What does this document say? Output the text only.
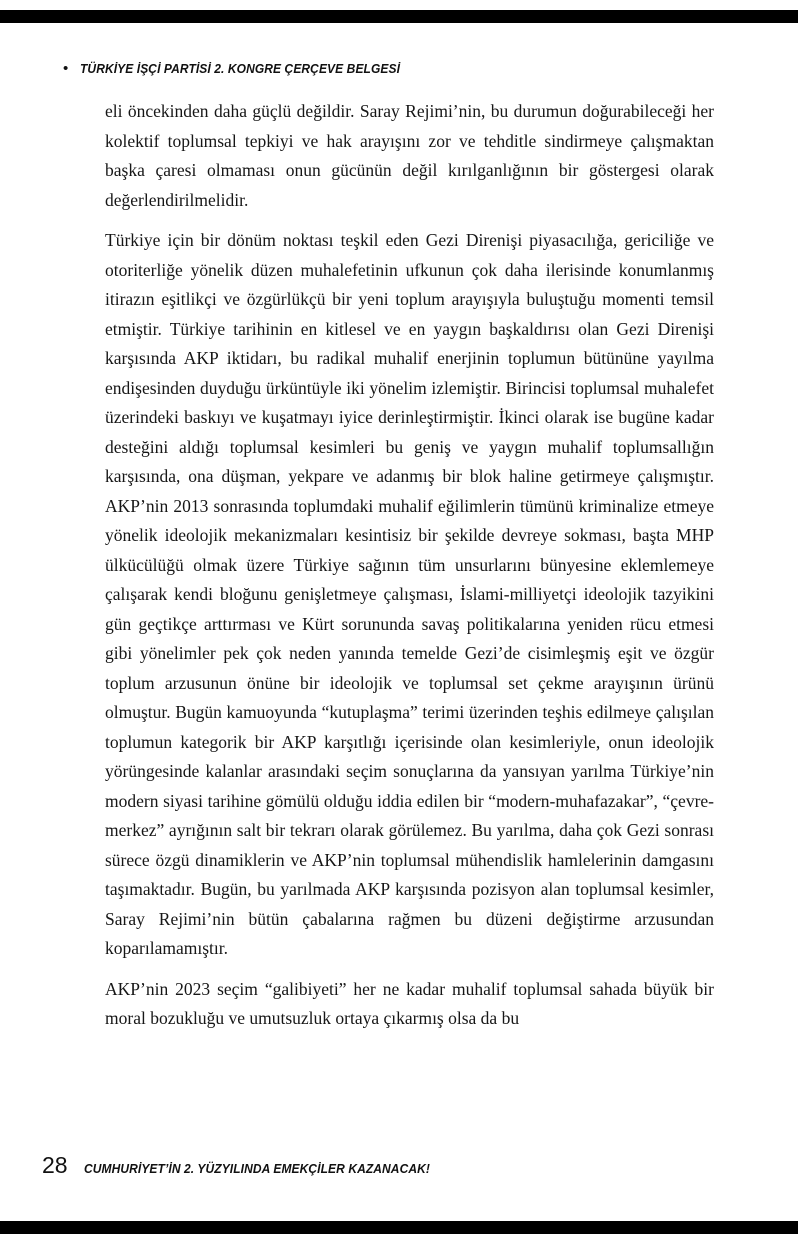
• TÜRKİYE İŞÇİ PARTİSİ 2. KONGRE ÇERÇEVE BELGESİ

eli öncekinden daha güçlü değildir. Saray Rejimi’nin, bu durumun doğurabileceği her kolektif toplumsal tepkiyi ve hak arayışını zor ve tehditle sindirmeye çalışmaktan başka çaresi olmaması onun gücünün değil kırılganlığının bir göstergesi olarak değerlendirilmelidir.

Türkiye için bir dönüm noktası teşkil eden Gezi Direnişi piyasacılığa, gericiliğe ve otoriterliğe yönelik düzen muhalefetinin ufkunun çok daha ilerisinde konumlanmış itirazın eşitlikçi ve özgürlükçü bir yeni toplum arayışıyla buluştuğu momenti temsil etmiştir. Türkiye tarihinin en kitlesel ve en yaygın başkaldırısı olan Gezi Direnişi karşısında AKP iktidarı, bu radikal muhalif enerjinin toplumun bütününe yayılma endişesinden duyduğu ürküntüyle iki yönelim izlemiştir. Birincisi toplumsal muhalefet üzerindeki baskıyı ve kuşatmayı iyice derinleştirmiştir. İkinci olarak ise bugüne kadar desteğini aldığı toplumsal kesimleri bu geniş ve yaygın muhalif toplumsallığın karşısında, ona düşman, yekpare ve adanmış bir blok haline getirmeye çalışmıştır. AKP’nin 2013 sonrasında toplumdaki muhalif eğilimlerin tümünü kriminalize etmeye yönelik ideolojik mekanizmaları kesintisiz bir şekilde devreye sokması, başta MHP ülkücülüğü olmak üzere Türkiye sağının tüm unsurlarını bünyesine eklemlemeye çalışarak kendi bloğunu genişletmeye çalışması, İslami-milliyetçi ideolojik tazyikini gün geçtikçe arttırması ve Kürt sorununda savaş politikalarına yeniden rücu etmesi gibi yönelimler pek çok neden yanında temelde Gezi’de cisimleşmiş eşit ve özgür toplum arzusunun önüne bir ideolojik ve toplumsal set çekme arayışının ürünü olmuştur. Bugün kamuoyunda “kutuplaşma” terimi üzerinden teşhis edilmeye çalışılan toplumun kategorik bir AKP karşıtlığı içerisinde olan kesimleriyle, onun ideolojik yörüngesinde kalanlar arasındaki seçim sonuçlarına da yansıyan yarılma Türkiye’nin modern siyasi tarihine gömülü olduğu iddia edilen bir “modern-muhafazakar”, “çevre-merkez” ayrığının salt bir tekrarı olarak görülemez. Bu yarılma, daha çok Gezi sonrası sürece özgü dinamiklerin ve AKP’nin toplumsal mühendislik hamlelerinin damgasını taşımaktadır. Bugün, bu yarılmada AKP karşısında pozisyon alan toplumsal kesimler, Saray Rejimi’nin bütün çabalarına rağmen bu düzeni değiştirme arzusundan koparılamamıştır.

AKP’nin 2023 seçim “galibiyeti” her ne kadar muhalif toplumsal sahada büyük bir moral bozukluğu ve umutsuzluk ortaya çıkarmış olsa da bu

28 CUMHURİYET’İN 2. YÜZYILINDA EMEKÇİLER KAZANACAK!
